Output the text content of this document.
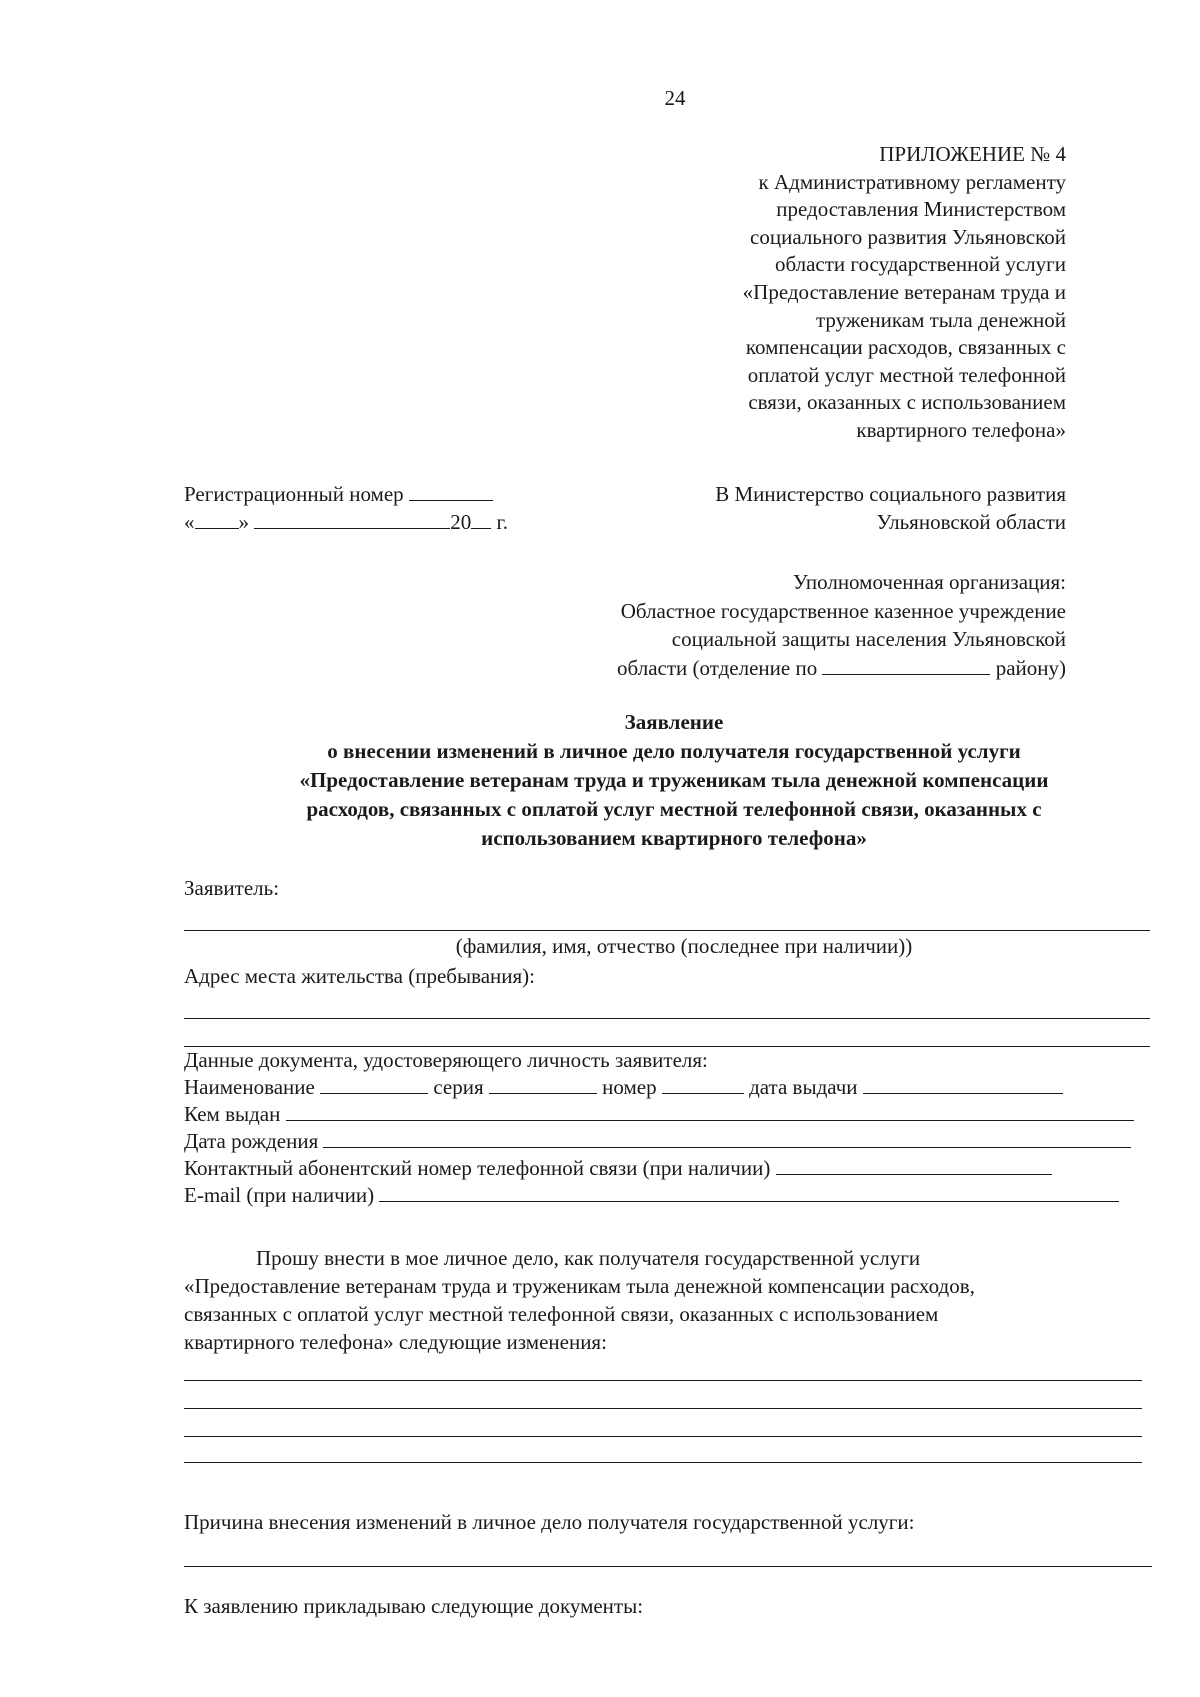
24
ПРИЛОЖЕНИЕ № 4
к Административному регламенту
предоставления Министерством
социального развития Ульяновской
области государственной услуги
«Предоставление ветеранам труда и
труженикам тыла денежной
компенсации расходов, связанных с
оплатой услуг местной телефонной
связи, оказанных с использованием
квартирного телефона»
Регистрационный номер
« »	20 г.
В Министерство социального развития
Ульяновской области
Уполномоченная организация:
Областное государственное казенное учреждение
социальной защиты населения Ульяновской
области (отделение по	району)
Заявление
о внесении изменений в личное дело получателя государственной услуги
«Предоставление ветеранам труда и труженикам тыла денежной компенсации
расходов, связанных с оплатой услуг местной телефонной связи, оказанных с
использованием квартирного телефона»
Заявитель:
(фамилия, имя, отчество (последнее при наличии))
Адрес места жительства (пребывания):
Данные документа, удостоверяющего личность заявителя:
Наименование	серия	номер	дата выдачи
Кем выдан
Дата рождения
Контактный абонентский номер телефонной связи (при наличии)
E-mail (при наличии)
Прошу внести в мое личное дело, как получателя государственной услуги
«Предоставление ветеранам труда и труженикам тыла денежной компенсации расходов,
связанных с оплатой услуг местной телефонной связи, оказанных с использованием
квартирного телефона» следующие изменения:
Причина внесения изменений в личное дело получателя государственной услуги:
К заявлению прикладываю следующие документы:
